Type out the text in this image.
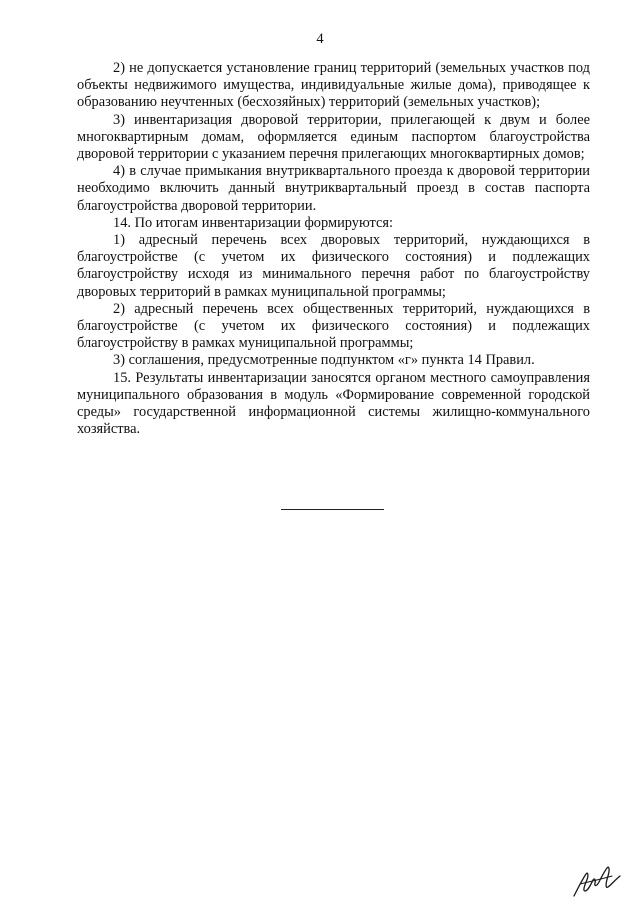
4

2) не допускается установление границ территорий (земельных участков под объекты недвижимого имущества, индивидуальные жилые дома), приводящее к образованию неучтенных (бесхозяйных) территорий (земельных участков);

3) инвентаризация дворовой территории, прилегающей к двум и более многоквартирным домам, оформляется единым паспортом благоустройства дворовой территории с указанием перечня прилегающих многоквартирных домов;

4) в случае примыкания внутриквартального проезда к дворовой территории необходимо включить данный внутриквартальный проезд в состав паспорта благоустройства дворовой территории.

14. По итогам инвентаризации формируются:

1) адресный перечень всех дворовых территорий, нуждающихся в благоустройстве (с учетом их физического состояния) и подлежащих благоустройству исходя из минимального перечня работ по благоустройству дворовых территорий в рамках муниципальной программы;

2) адресный перечень всех общественных территорий, нуждающихся в благоустройстве (с учетом их физического состояния) и подлежащих благоустройству в рамках муниципальной программы;

3) соглашения, предусмотренные подпунктом «г» пункта 14 Правил.

15. Результаты инвентаризации заносятся органом местного самоуправления муниципального образования в модуль «Формирование современной городской среды» государственной информационной системы жилищно-коммунального хозяйства.
